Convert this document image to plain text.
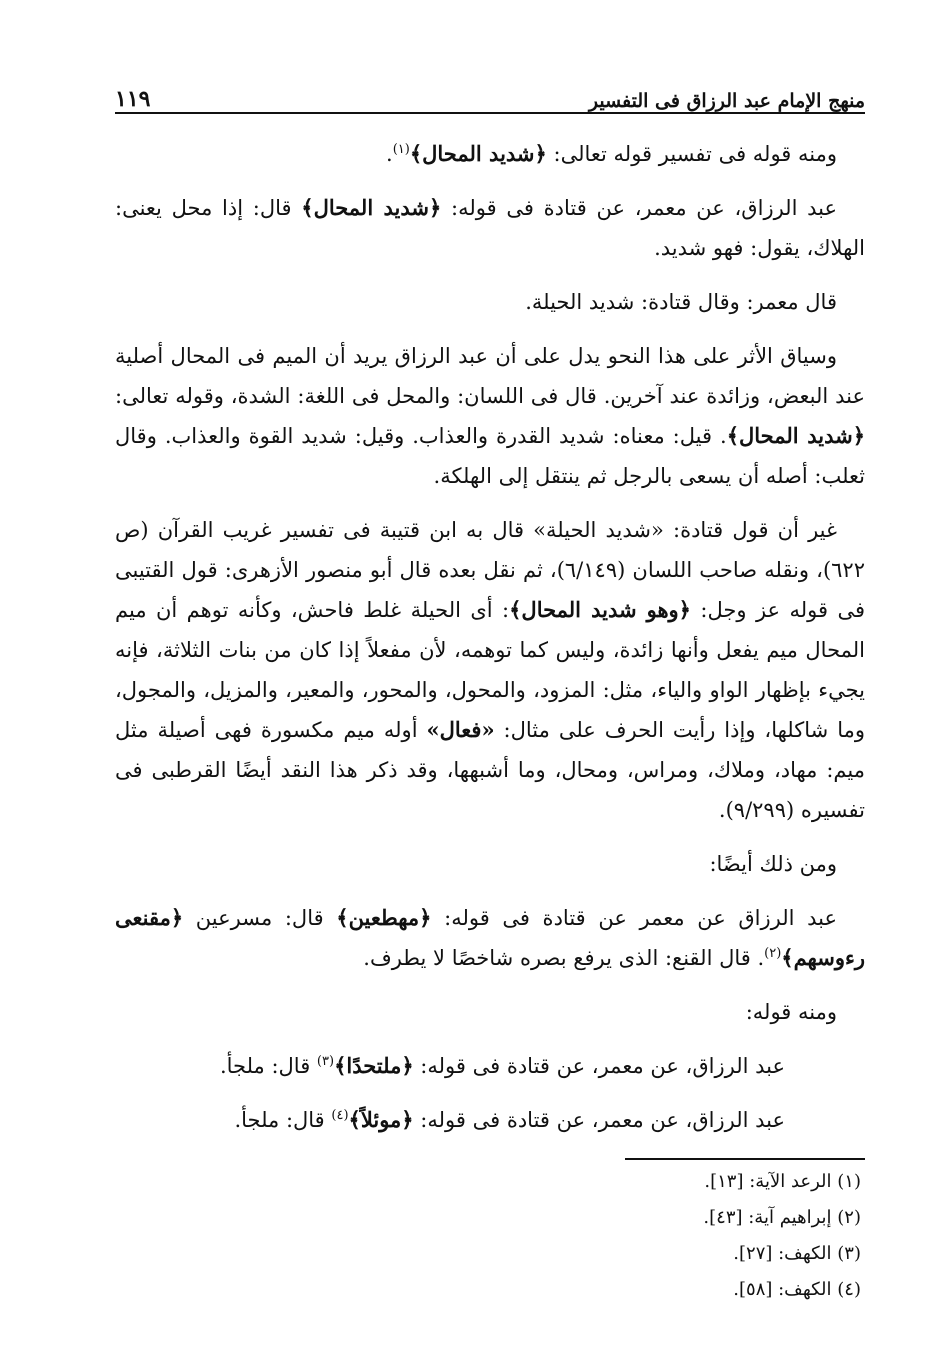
منهج الإمام عبد الرزاق فى التفسير
١١٩

ومنه قوله فى تفسير قوله تعالى: ﴿شديد المحال﴾$^{(١)}$.

عبد الرزاق، عن معمر، عن قتادة فى قوله: ﴿شديد المحال﴾ قال: إذا محل يعنى: الهلاك، يقول: فهو شديد.

قال معمر: وقال قتادة: شديد الحيلة.

وسياق الأثر على هذا النحو يدل على أن عبد الرزاق يريد أن الميم فى المحال أصلية عند البعض، وزائدة عند آخرين. قال فى اللسان: والمحل فى اللغة: الشدة، وقوله تعالى: ﴿شديد المحال﴾. قيل: معناه: شديد القدرة والعذاب. وقيل: شديد القوة والعذاب. وقال ثعلب: أصله أن يسعى بالرجل ثم ينتقل إلى الهلكة.

غير أن قول قتادة: «شديد الحيلة» قال به ابن قتيبة فى تفسير غريب القرآن (ص ٦٢٢)، ونقله صاحب اللسان (٦/١٤٩)، ثم نقل بعده قال أبو منصور الأزهرى: قول القتيبى فى قوله عز وجل: ﴿وهو شديد المحال﴾: أى الحيلة غلط فاحش، وكأنه توهم أن ميم المحال ميم يفعل وأنها زائدة، وليس كما توهمه، لأن مفعلاً إذا كان من بنات الثلاثة، فإنه يجيء بإظهار الواو والياء، مثل: المزود، والمحول، والمحور، والمعير، والمزيل، والمجول، وما شاكلها، وإذا رأيت الحرف على مثال: «فعال» أوله ميم مكسورة فهى أصيلة مثل ميم: مهاد، وملاك، ومراس، ومحال، وما أشبهها، وقد ذكر هذا النقد أيضًا القرطبى فى تفسيره (٩/٢٩٩).

ومن ذلك أيضًا:

عبد الرزاق عن معمر عن قتادة فى قوله: ﴿مهطعين﴾ قال: مسرعين ﴿مقنعى رءوسهم﴾$^{(٢)}$. قال القنع: الذى يرفع بصره شاخصًا لا يطرف.

ومنه قوله:

عبد الرزاق، عن معمر، عن قتادة فى قوله: ﴿ملتحدًا﴾$^{(٣)}$ قال: ملجأ.

عبد الرزاق، عن معمر، عن قتادة فى قوله: ﴿موئلاً﴾$^{(٤)}$ قال: ملجأ.

(١) الرعد الآية: [١٣].
(٢) إبراهيم آية: [٤٣].
(٣) الكهف: [٢٧].
(٤) الكهف: [٥٨].
